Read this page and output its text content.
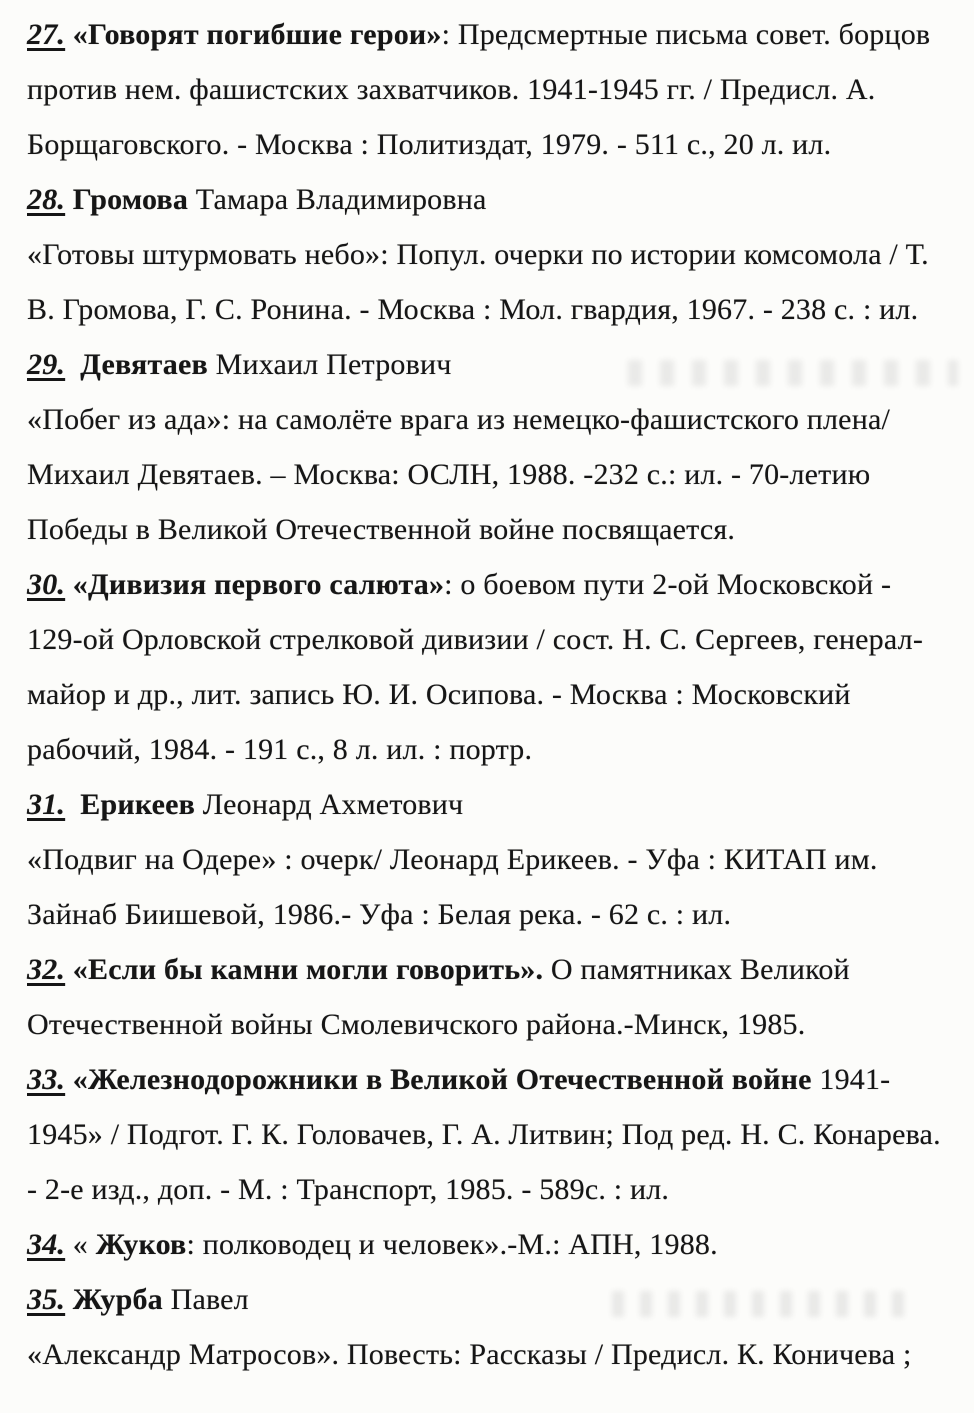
27. «Говорят погибшие герои»: Предсмертные письма совет. борцов против нем. фашистских захватчиков. 1941-1945 гг. / Предисл. А. Борщаговского. - Москва : Политиздат, 1979. - 511 с., 20 л. ил.

28. Громова Тамара Владимировна

«Готовы штурмовать небо»: Попул. очерки по истории комсомола / Т. В. Громова, Г. С. Ронина. - Москва : Мол. гвардия, 1967. - 238 с. : ил.

29. Девятаев Михаил Петрович

«Побег из ада»: на самолёте врага из немецко-фашистского плена/ Михаил Девятаев. – Москва: ОСЛН, 1988. -232 с.: ил. - 70-летию Победы в Великой Отечественной войне посвящается.

30. «Дивизия первого салюта»: о боевом пути 2-ой Московской - 129-ой Орловской стрелковой дивизии / сост. Н. С. Сергеев, генерал-майор и др., лит. запись Ю. И. Осипова. - Москва : Московский рабочий, 1984. - 191 с., 8 л. ил. : портр.

31. Ерикеев Леонард Ахметович

«Подвиг на Одере» : очерк/ Леонард Ерикеев. - Уфа : КИТАП им. Зайнаб Биишевой, 1986.- Уфа : Белая река. - 62 с. : ил.

32. «Если бы камни могли говорить». О памятниках Великой Отечественной войны Смолевичского района.-Минск, 1985.

33. «Железнодорожники в Великой Отечественной войне 1941-1945» / Подгот. Г. К. Головачев, Г. А. Литвин; Под ред. Н. С. Конарева. - 2-е изд., доп. - М. : Транспорт, 1985. - 589с. : ил.

34. « Жуков: полководец и человек».-М.: АПН, 1988.

35. Журба Павел

«Александр Матросов». Повесть: Рассказы / Предисл. К. Коничева ;
